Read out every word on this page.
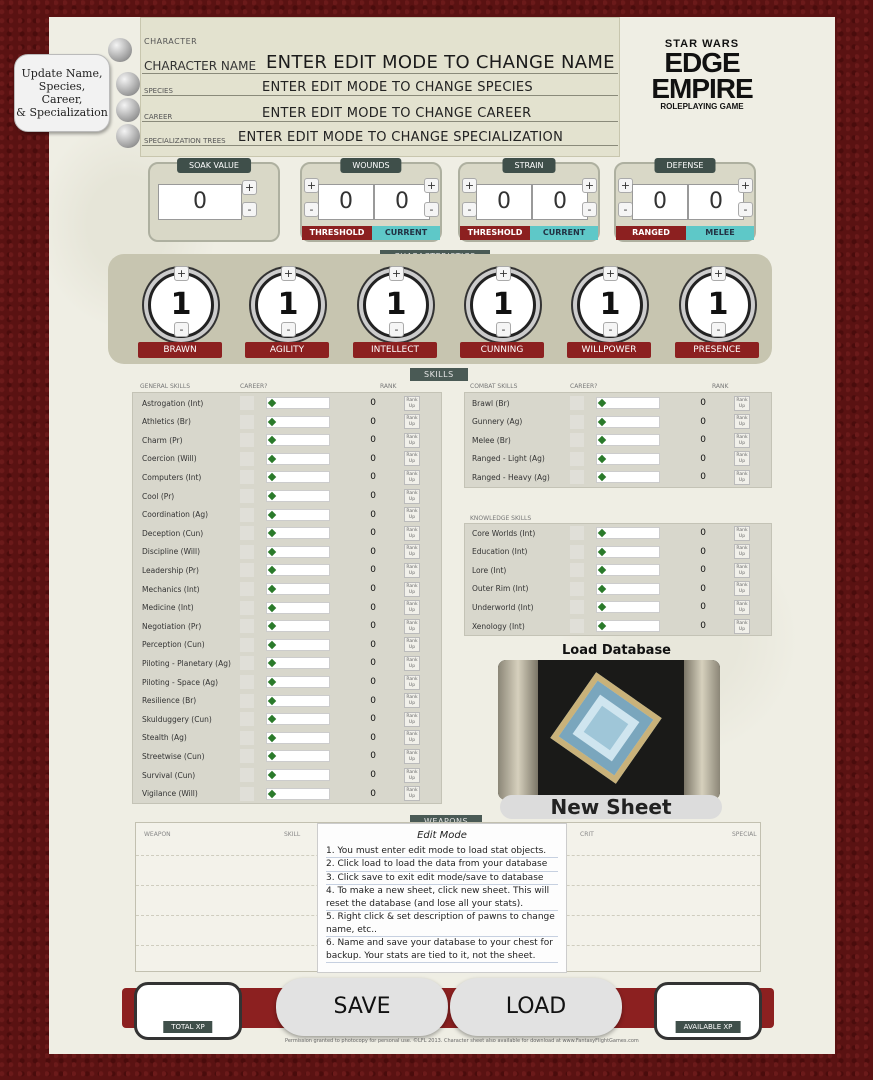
CHARACTER
CHARACTER NAME ENTER EDIT MODE TO CHANGE NAME
SPECIES	ENTER EDIT MODE TO CHANGE SPECIES
CAREER	ENTER EDIT MODE TO CHANGE CAREER
SPECIALIZATION TREES ENTER EDIT MODE TO CHANGE SPECIALIZATION
Update Name,
Species,
Career,
& Specialization
STAR WARS
EDGE
EMPIRE
ROLEPLAYING GAME
SOAK VALUE
0
+
-
WOUNDS
+
-	0	0
+
-
THRESHOLD	CURRENT
STRAIN
+
-	0	0
+
-
THRESHOLD	CURRENT
DEFENSE
+
-	0	0
+
-
RANGED	MELEE
1
+
-
BRAWN
1
+
-
AGILITY
1
+
-
INTELLECT
1
+
-
CUNNING
1
+
-
WILLPOWER
1
+
-
PRESENCE
SKILLS
GENERAL SKILLS	CAREER?	RANK	COMBAT SKILLS	CAREER?	RANK
KNOWLEDGE SKILLS
Astrogation (Int)	0	Rank Up
Athletics (Br)	0	Rank Up
Charm (Pr)	0	Rank Up
Coercion (Will)	0	Rank Up
Computers (Int)	0	Rank Up
Cool (Pr)	0	Rank Up
Coordination (Ag)	0	Rank Up
Deception (Cun)	0	Rank Up
Discipline (Will)	0	Rank Up
Leadership (Pr)	0	Rank Up
Mechanics (Int)	0	Rank Up
Medicine (Int)	0	Rank Up
Negotiation (Pr)	0	Rank Up
Perception (Cun)	0	Rank Up
Piloting - Planetary (Ag)	0	Rank Up
Piloting - Space (Ag)	0	Rank Up
Resilience (Br)	0	Rank Up
Skulduggery (Cun)	0	Rank Up
Stealth (Ag)	0	Rank Up
Streetwise (Cun)	0	Rank Up
Survival (Cun)	0	Rank Up
Vigilance (Will)	0	Rank Up
Brawl (Br)	0	Rank Up
Gunnery (Ag)	0	Rank Up
Melee (Br)	0	Rank Up
Ranged - Light (Ag)	0	Rank Up
Ranged - Heavy (Ag)	0	Rank Up
Core Worlds (Int)	0	Rank Up
Education (Int)	0	Rank Up
Lore (Int)	0	Rank Up
Outer Rim (Int)	0	Rank Up
Underworld (Int)	0	Rank Up
Xenology (Int)	0	Rank Up
Load Database
New Sheet
WEAPON	SKILL	CRIT	SPECIAL
Edit Mode
1. You must enter edit mode to load stat objects.
2. Click load to load the data from your database
3. Click save to exit edit mode/save to database
4. To make a new sheet, click new sheet. This will reset the database (and lose all your stats).
5. Right click & set description of pawns to change name, etc..
6. Name and save your database to your chest for backup. Your stats are tied to it, not the sheet.
TOTAL XP	AVAILABLE XP
SAVE	LOAD
Permission granted to photocopy for personal use. ©LFL 2013. Character sheet also available for download at www.FantasyFlightGames.com
